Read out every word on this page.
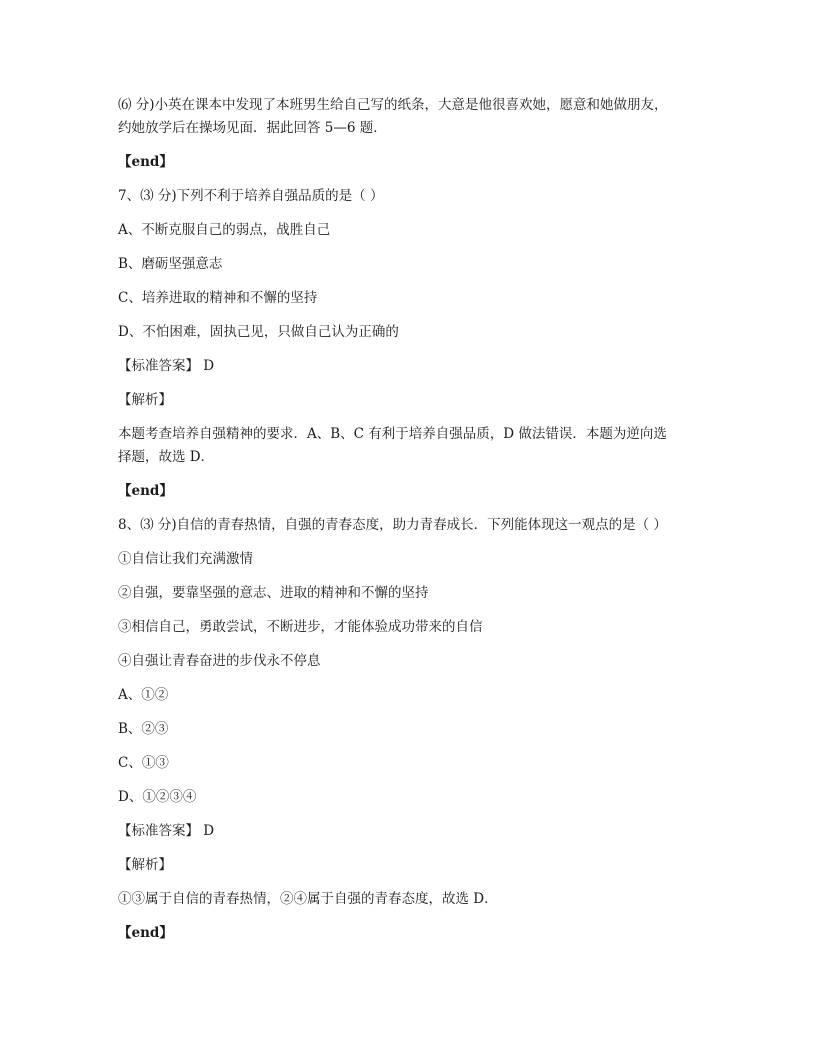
⑹ 分)小英在课本中发现了本班男生给自己写的纸条，大意是他很喜欢她，愿意和她做朋友，
约她放学后在操场见面．据此回答 5—6 题．
【end】
7、⑶ 分)下列不利于培养自强品质的是（ ）
A、不断克服自己的弱点，战胜自己
B、磨砺坚强意志
C、培养进取的精神和不懈的坚持
D、不怕困难，固执己见，只做自己认为正确的
【标准答案】 D
【解析】
本题考查培养自强精神的要求．A、B、C 有利于培养自强品质，D 做法错误．本题为逆向选
择题，故选 D．
【end】
8、⑶ 分)自信的青春热情，自强的青春态度，助力青春成长．下列能体现这一观点的是（ ）
①自信让我们充满激情
②自强，要靠坚强的意志、进取的精神和不懈的坚持
③相信自己，勇敢尝试，不断进步，才能体验成功带来的自信
④自强让青春奋进的步伐永不停息
A、①②
B、②③
C、①③
D、①②③④
【标准答案】 D
【解析】
①③属于自信的青春热情，②④属于自强的青春态度，故选 D．
【end】
